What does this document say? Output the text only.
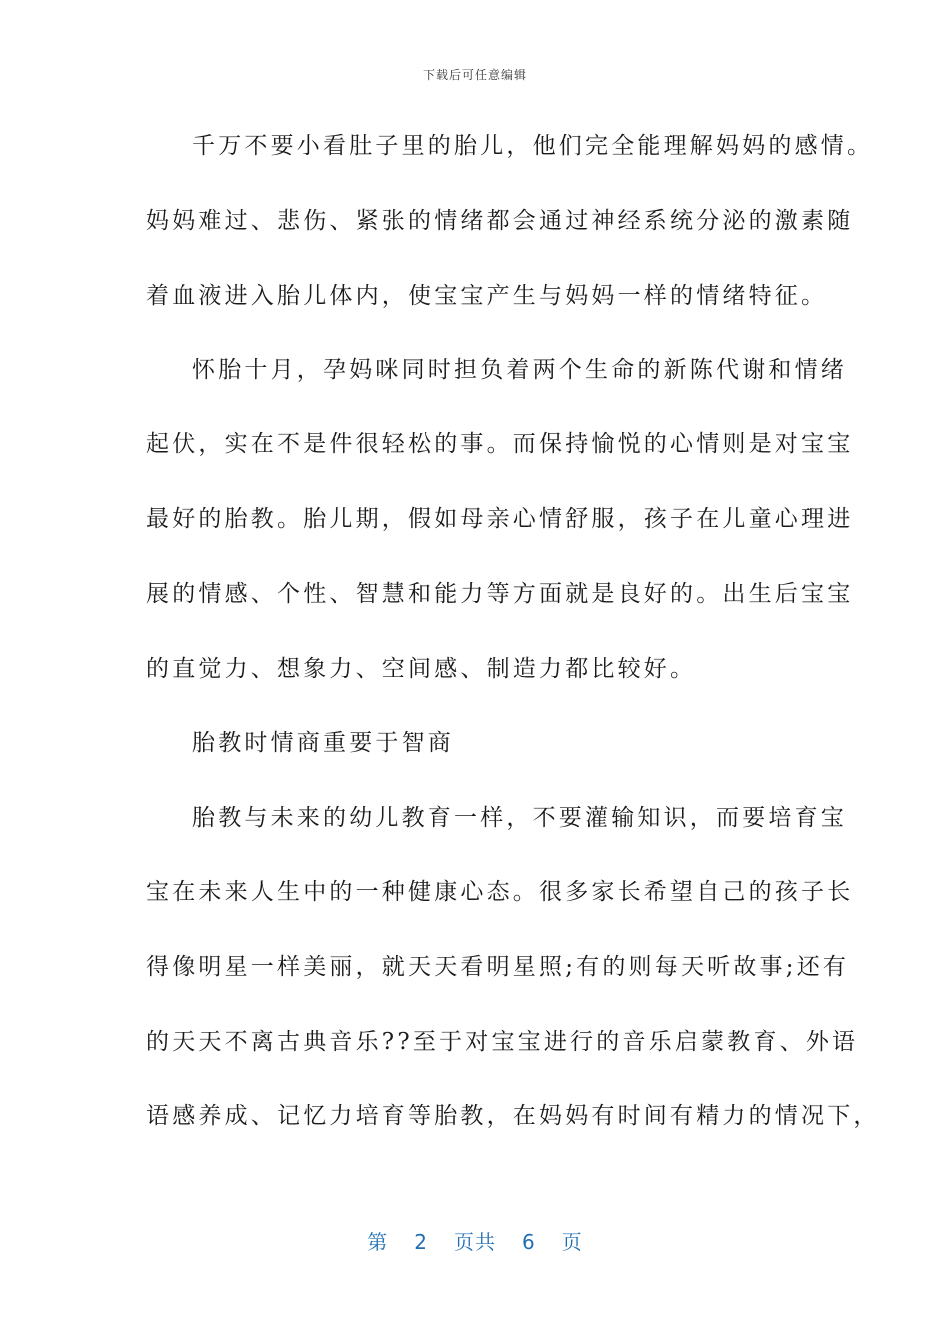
下载后可任意编辑
千万不要小看肚子里的胎儿，他们完全能理解妈妈的感情。
妈妈难过、悲伤、紧张的情绪都会通过神经系统分泌的激素随
着血液进入胎儿体内，使宝宝产生与妈妈一样的情绪特征。
怀胎十月，孕妈咪同时担负着两个生命的新陈代谢和情绪
起伏，实在不是件很轻松的事。而保持愉悦的心情则是对宝宝
最好的胎教。胎儿期，假如母亲心情舒服，孩子在儿童心理进
展的情感、个性、智慧和能力等方面就是良好的。出生后宝宝
的直觉力、想象力、空间感、制造力都比较好。
胎教时情商重要于智商
胎教与未来的幼儿教育一样，不要灌输知识，而要培育宝
宝在未来人生中的一种健康心态。很多家长希望自己的孩子长
得像明星一样美丽，就天天看明星照;有的则每天听故事;还有
的天天不离古典音乐??至于对宝宝进行的音乐启蒙教育、外语
语感养成、记忆力培育等胎教，在妈妈有时间有精力的情况下，
第 2 页共 6 页
